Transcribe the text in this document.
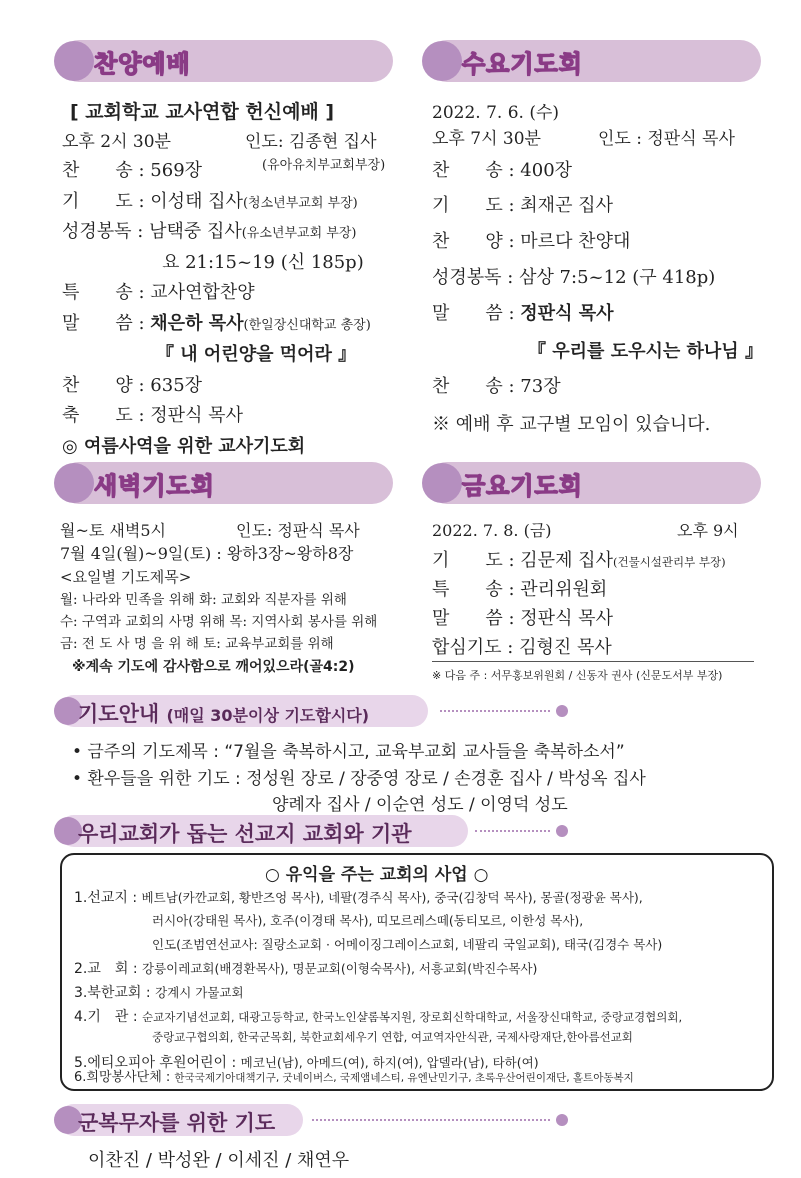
찬양예배	수요기도회
새벽기도회	금요기도회
[ 교회학교 교사연합 헌신예배 ]
오후 2시 30분	인도: 김종현 집사
(유아유치부교회부장)
찬　　송 : 569장
기　　도 : 이성태 집사(청소년부교회 부장)
성경봉독 : 남택중 집사(유소년부교회 부장)
요 21:15~19 (신 185p)
특　　송 : 교사연합찬양
말　　씀 : 채은하 목사(한일장신대학교 총장)
『 내 어린양을 먹어라 』
찬　　양 : 635장
축　　도 : 정판식 목사
◎ 여름사역을 위한 교사기도회
2022. 7. 6. (수)
오후 7시 30분	인도 : 정판식 목사
찬　　송 : 400장
기　　도 : 최재곤 집사
찬　　양 : 마르다 찬양대
성경봉독 : 삼상 7:5~12 (구 418p)
말　　씀 : 정판식 목사
『 우리를 도우시는 하나님 』
찬　　송 : 73장
※ 예배 후 교구별 모임이 있습니다.
월~토 새벽5시	인도: 정판식 목사
7월 4일(월)~9일(토) : 왕하3장~왕하8장
<요일별 기도제목>
월: 나라와 민족을 위해 화: 교회와 직분자를 위해
수: 구역과 교회의 사명 위해 목: 지역사회 봉사를 위해
금: 전 도 사 명 을 위 해 토: 교육부교회를 위해
※계속 기도에 감사함으로 깨어있으라(골4:2)
2022. 7. 8. (금)	오후 9시
기　　도 : 김문제 집사(건물시설관리부 부장)
특　　송 : 관리위원회
말　　씀 : 정판식 목사
합심기도 : 김형진 목사
※ 다음 주 : 서무홍보위원회 / 신동자 권사 (신문도서부 부장)
기도안내 (매일 30분이상 기도합시다)
• 금주의 기도제목 : “7월을 축복하시고, 교육부교회 교사들을 축복하소서”
• 환우들을 위한 기도 : 정성원 장로 / 장중영 장로 / 손경훈 집사 / 박성옥 집사
양례자 집사 / 이순연 성도 / 이영덕 성도
우리교회가 돕는 선교지 교회와 기관
○ 유익을 주는 교회의 사업 ○
1.선교지 : 베트남(카깐교회, 황반즈엉 목사), 네팔(경주식 목사), 중국(김창덕 목사), 몽골(정광윤 목사),
러시아(강태원 목사), 호주(이경태 목사), 띠모르레스떼(동티모르, 이한성 목사),
인도(조범연선교사: 질랑소교회 · 어메이징그레이스교회, 네팔리 국일교회), 태국(김경수 목사)
2.교　회 : 강릉이레교회(배경환목사), 명문교회(이형숙목사), 서흥교회(박진수목사)
3.북한교회 : 강계시 가물교회
4.기　관 : 순교자기념선교회, 대광고등학교, 한국노인샬롬복지원, 장로회신학대학교, 서울장신대학교, 중랑교경협의회,
중랑교구협의회, 한국군목회, 북한교회세우기 연합, 여교역자안식관, 국제사랑재단,한아름선교회
5.에티오피아 후원어린이 : 메코닌(남), 아메드(여), 하지(여), 압델라(남), 타하(여)
6.희망봉사단체 : 한국국제기아대책기구, 굿네이버스, 국제앰네스티, 유엔난민기구, 초록우산어린이재단, 홀트아동복지
군복무자를 위한 기도
이찬진 / 박성완 / 이세진 / 채연우
